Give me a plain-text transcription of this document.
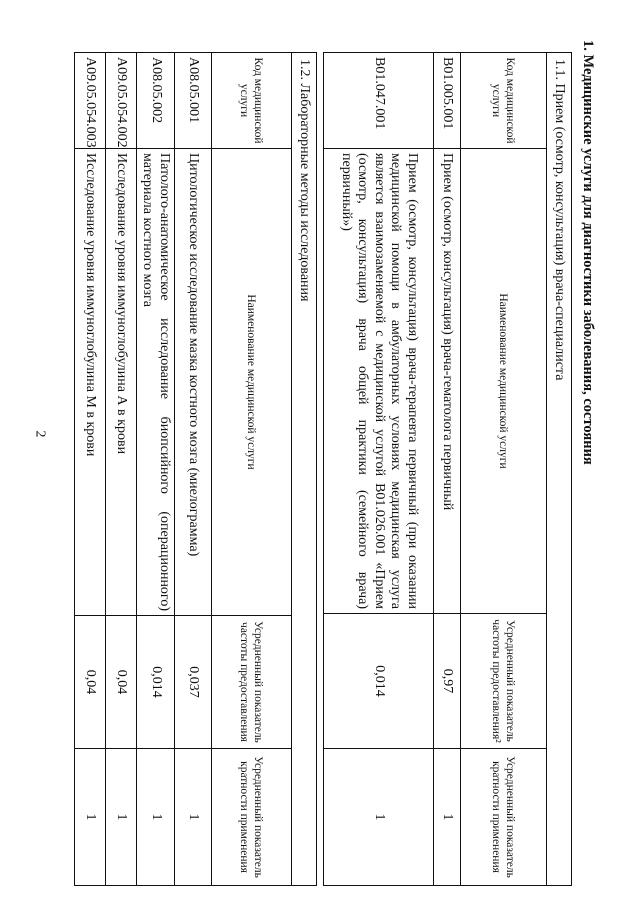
2	1. Медицинские услуги для диагностики заболевания, состояния
1.1. Прием (осмотр, консультация) врача-специалиста			
Код медицинской услуги	Наименование медицинской услуги	Усредненный показатель частоты предоставления²	Усредненный показатель кратности применения
B01.005.001	Прием (осмотр, консультация) врача-гематолога первичный	0,97	1
B01.047.001	Прием (осмотр, консультация) врача-терапевта первичный (при оказании медицинской помощи в амбулаторных условиях медицинская услуга является взаимозаменяемой с медицинской услугой B01.026.001 «Прием (осмотр, консультация) врача общей практики (семейного врача) первичный»)	0,014	1
1.2. Лабораторные методы исследования			
Код медицинской услуги	Наименование медицинской услуги	Усредненный показатель частоты предоставления	Усредненный показатель кратности применения
A08.05.001	Цитологическое исследование мазка костного мозга (миелограмма)	0,037	1
A08.05.002	Патолого-анатомическое исследование биопсийного (операционного) материала костного мозга	0,014	1
A09.05.054.002	Исследование уровня иммуноглобулина А в крови	0,04	1
A09.05.054.003	Исследование уровня иммуноглобулина М в крови	0,04	1
